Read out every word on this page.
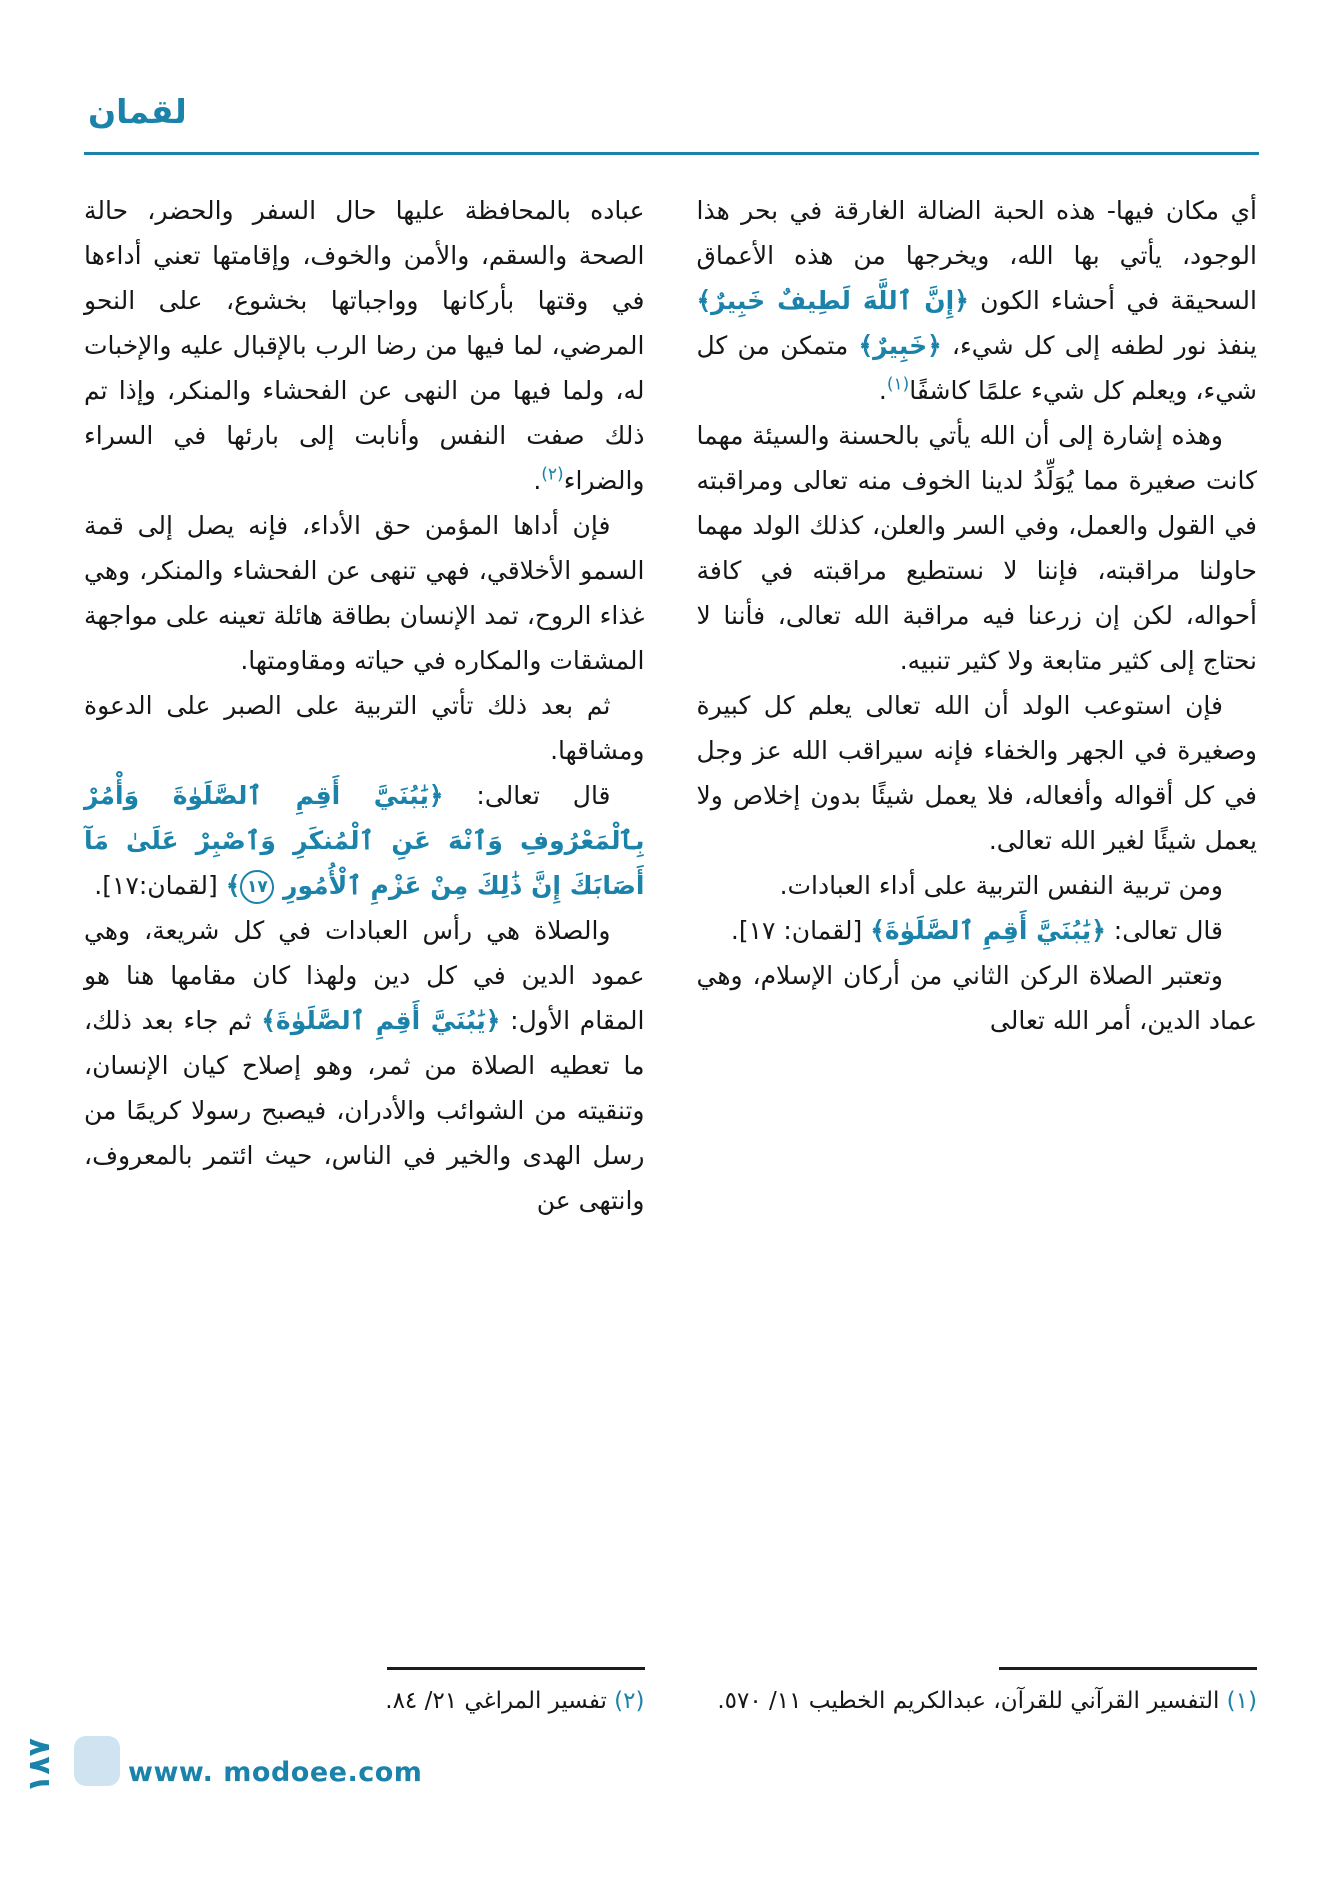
لقمان

أي مكان فيها- هذه الحبة الضالة الغارقة في بحر هذا الوجود، يأتي بها الله، ويخرجها من هذه الأعماق السحيقة في أحشاء الكون ﴿إِنَّ ٱللَّهَ لَطِيفٌ خَبِيرٌ﴾ ينفذ نور لطفه إلى كل شيء، ﴿خَبِيرٌ﴾ متمكن من كل شيء، ويعلم كل شيء علمًا كاشفًا$^{(١)}$.

وهذه إشارة إلى أن الله يأتي بالحسنة والسيئة مهما كانت صغيرة مما يُوَلِّدُ لدينا الخوف منه تعالى ومراقبته في القول والعمل، وفي السر والعلن، كذلك الولد مهما حاولنا مراقبته، فإننا لا نستطيع مراقبته في كافة أحواله، لكن إن زرعنا فيه مراقبة الله تعالى، فأننا لا نحتاج إلى كثير متابعة ولا كثير تنبيه.

فإن استوعب الولد أن الله تعالى يعلم كل كبيرة وصغيرة في الجهر والخفاء فإنه سيراقب الله عز وجل في كل أقواله وأفعاله، فلا يعمل شيئًا بدون إخلاص ولا يعمل شيئًا لغير الله تعالى.

ومن تربية النفس التربية على أداء العبادات.

قال تعالى: ﴿يَٰبُنَيَّ أَقِمِ ٱلصَّلَوٰةَ﴾ [لقمان: ١٧].

وتعتبر الصلاة الركن الثاني من أركان الإسلام، وهي عماد الدين، أمر الله تعالى

(١) التفسير القرآني للقرآن، عبدالكريم الخطيب ١١/ ٥٧٠.

عباده بالمحافظة عليها حال السفر والحضر، حالة الصحة والسقم، والأمن والخوف، وإقامتها تعني أداءها في وقتها بأركانها وواجباتها بخشوع، على النحو المرضي، لما فيها من رضا الرب بالإقبال عليه والإخبات له، ولما فيها من النهى عن الفحشاء والمنكر، وإذا تم ذلك صفت النفس وأنابت إلى بارئها في السراء والضراء$^{(٢)}$.

فإن أداها المؤمن حق الأداء، فإنه يصل إلى قمة السمو الأخلاقي، فهي تنهى عن الفحشاء والمنكر، وهي غذاء الروح، تمد الإنسان بطاقة هائلة تعينه على مواجهة المشقات والمكاره في حياته ومقاومتها.

ثم بعد ذلك تأتي التربية على الصبر على الدعوة ومشاقها.

قال تعالى: ﴿يَٰبُنَيَّ أَقِمِ ٱلصَّلَوٰةَ وَأْمُرْ بِٱلْمَعْرُوفِ وَٱنْهَ عَنِ ٱلْمُنكَرِ وَٱصْبِرْ عَلَىٰ مَآ أَصَابَكَ إِنَّ ذَٰلِكَ مِنْ عَزْمِ ٱلْأُمُورِ ١٧﴾ [لقمان:١٧].

والصلاة هي رأس العبادات في كل شريعة، وهي عمود الدين في كل دين ولهذا كان مقامها هنا هو المقام الأول: ﴿يَٰبُنَيَّ أَقِمِ ٱلصَّلَوٰةَ﴾ ثم جاء بعد ذلك، ما تعطيه الصلاة من ثمر، وهو إصلاح كيان الإنسان، وتنقيته من الشوائب والأدران، فيصبح رسولا كريمًا من رسل الهدى والخير في الناس، حيث ائتمر بالمعروف، وانتهى عن

(٢) تفسير المراغي ٢١/ ٨٤.

١٨٧	www. modoee.com
